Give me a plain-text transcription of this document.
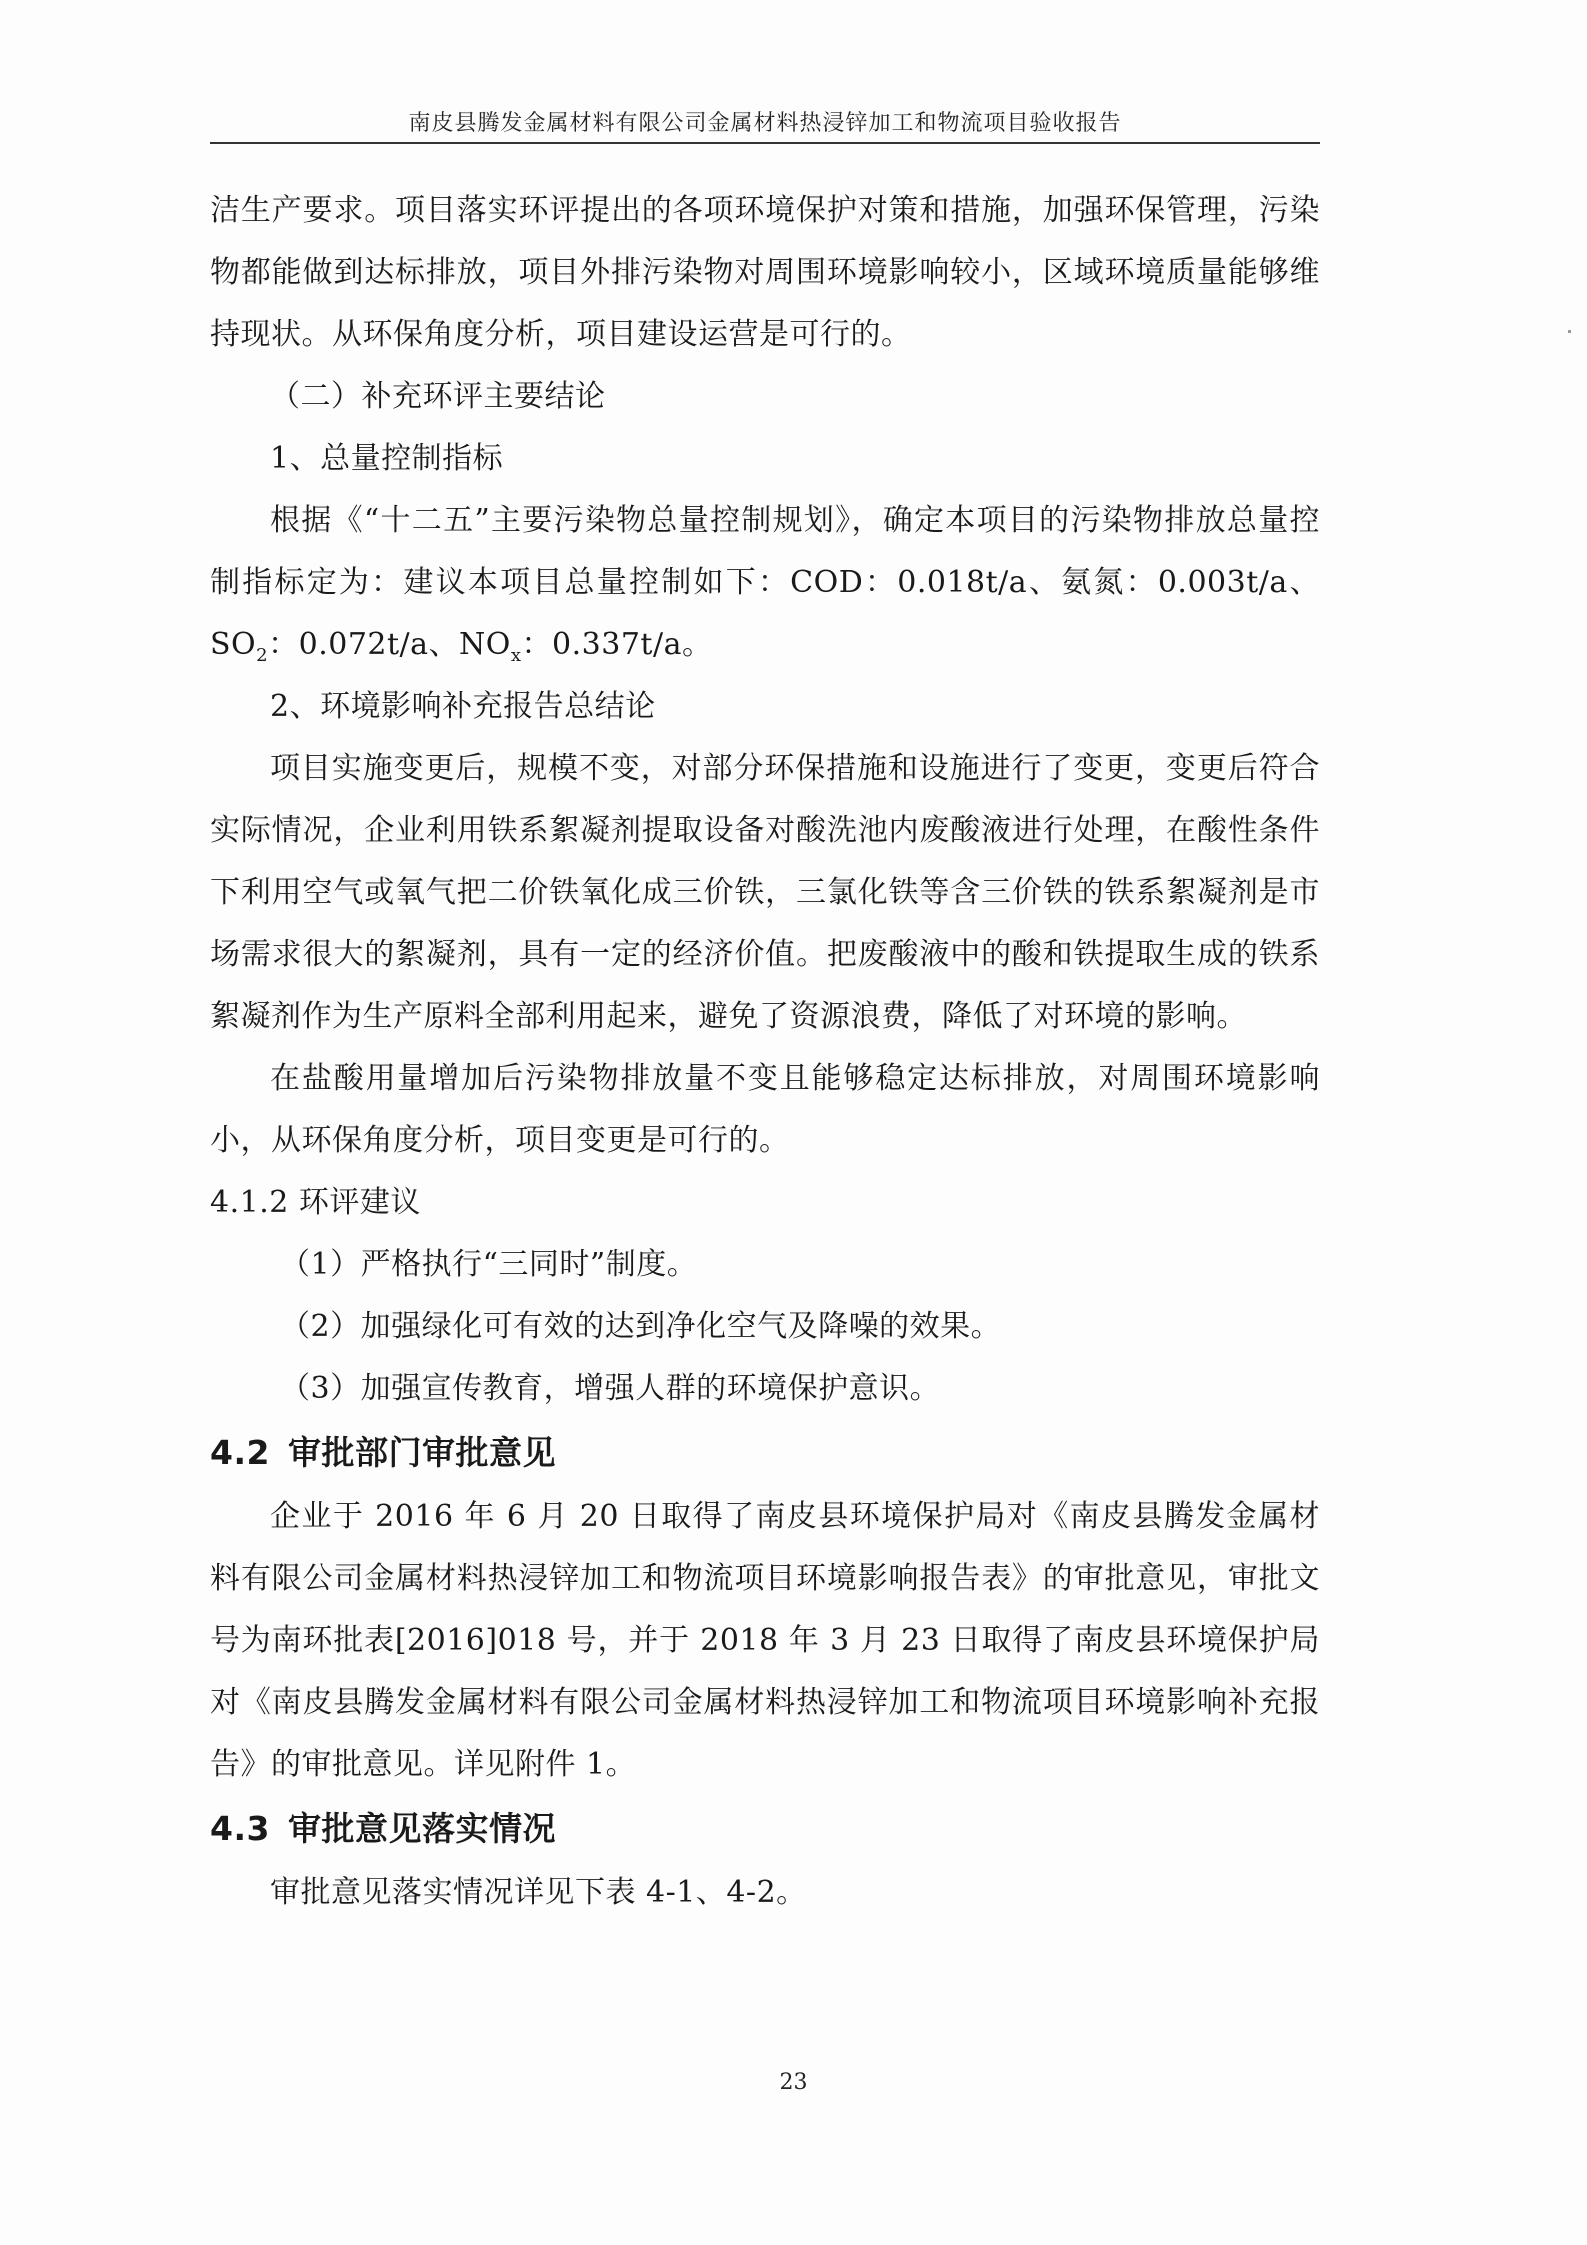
南皮县腾发金属材料有限公司金属材料热浸锌加工和物流项目验收报告

洁生产要求。项目落实环评提出的各项环境保护对策和措施，加强环保管理，污染物都能做到达标排放，项目外排污染物对周围环境影响较小，区域环境质量能够维持现状。从环保角度分析，项目建设运营是可行的。

（二）补充环评主要结论

1、总量控制指标

根据《“十二五”主要污染物总量控制规划》，确定本项目的污染物排放总量控制指标定为：建议本项目总量控制如下：COD：0.018t/a、氨氮：0.003t/a、$SO_2$：0.072t/a、$NO_x$：0.337t/a。

2、环境影响补充报告总结论

项目实施变更后，规模不变，对部分环保措施和设施进行了变更，变更后符合实际情况，企业利用铁系絮凝剂提取设备对酸洗池内废酸液进行处理，在酸性条件下利用空气或氧气把二价铁氧化成三价铁，三氯化铁等含三价铁的铁系絮凝剂是市场需求很大的絮凝剂，具有一定的经济价值。把废酸液中的酸和铁提取生成的铁系絮凝剂作为生产原料全部利用起来，避免了资源浪费，降低了对环境的影响。

在盐酸用量增加后污染物排放量不变且能够稳定达标排放，对周围环境影响小，从环保角度分析，项目变更是可行的。

4.1.2 环评建议

（1）严格执行“三同时”制度。

（2）加强绿化可有效的达到净化空气及降噪的效果。

（3）加强宣传教育，增强人群的环境保护意识。

4.2 审批部门审批意见

企业于 2016 年 6 月 20 日取得了南皮县环境保护局对《南皮县腾发金属材料有限公司金属材料热浸锌加工和物流项目环境影响报告表》的审批意见，审批文号为南环批表[2016]018 号，并于 2018 年 3 月 23 日取得了南皮县环境保护局对《南皮县腾发金属材料有限公司金属材料热浸锌加工和物流项目环境影响补充报告》的审批意见。详见附件 1。

4.3 审批意见落实情况

审批意见落实情况详见下表 4-1、4-2。

23
